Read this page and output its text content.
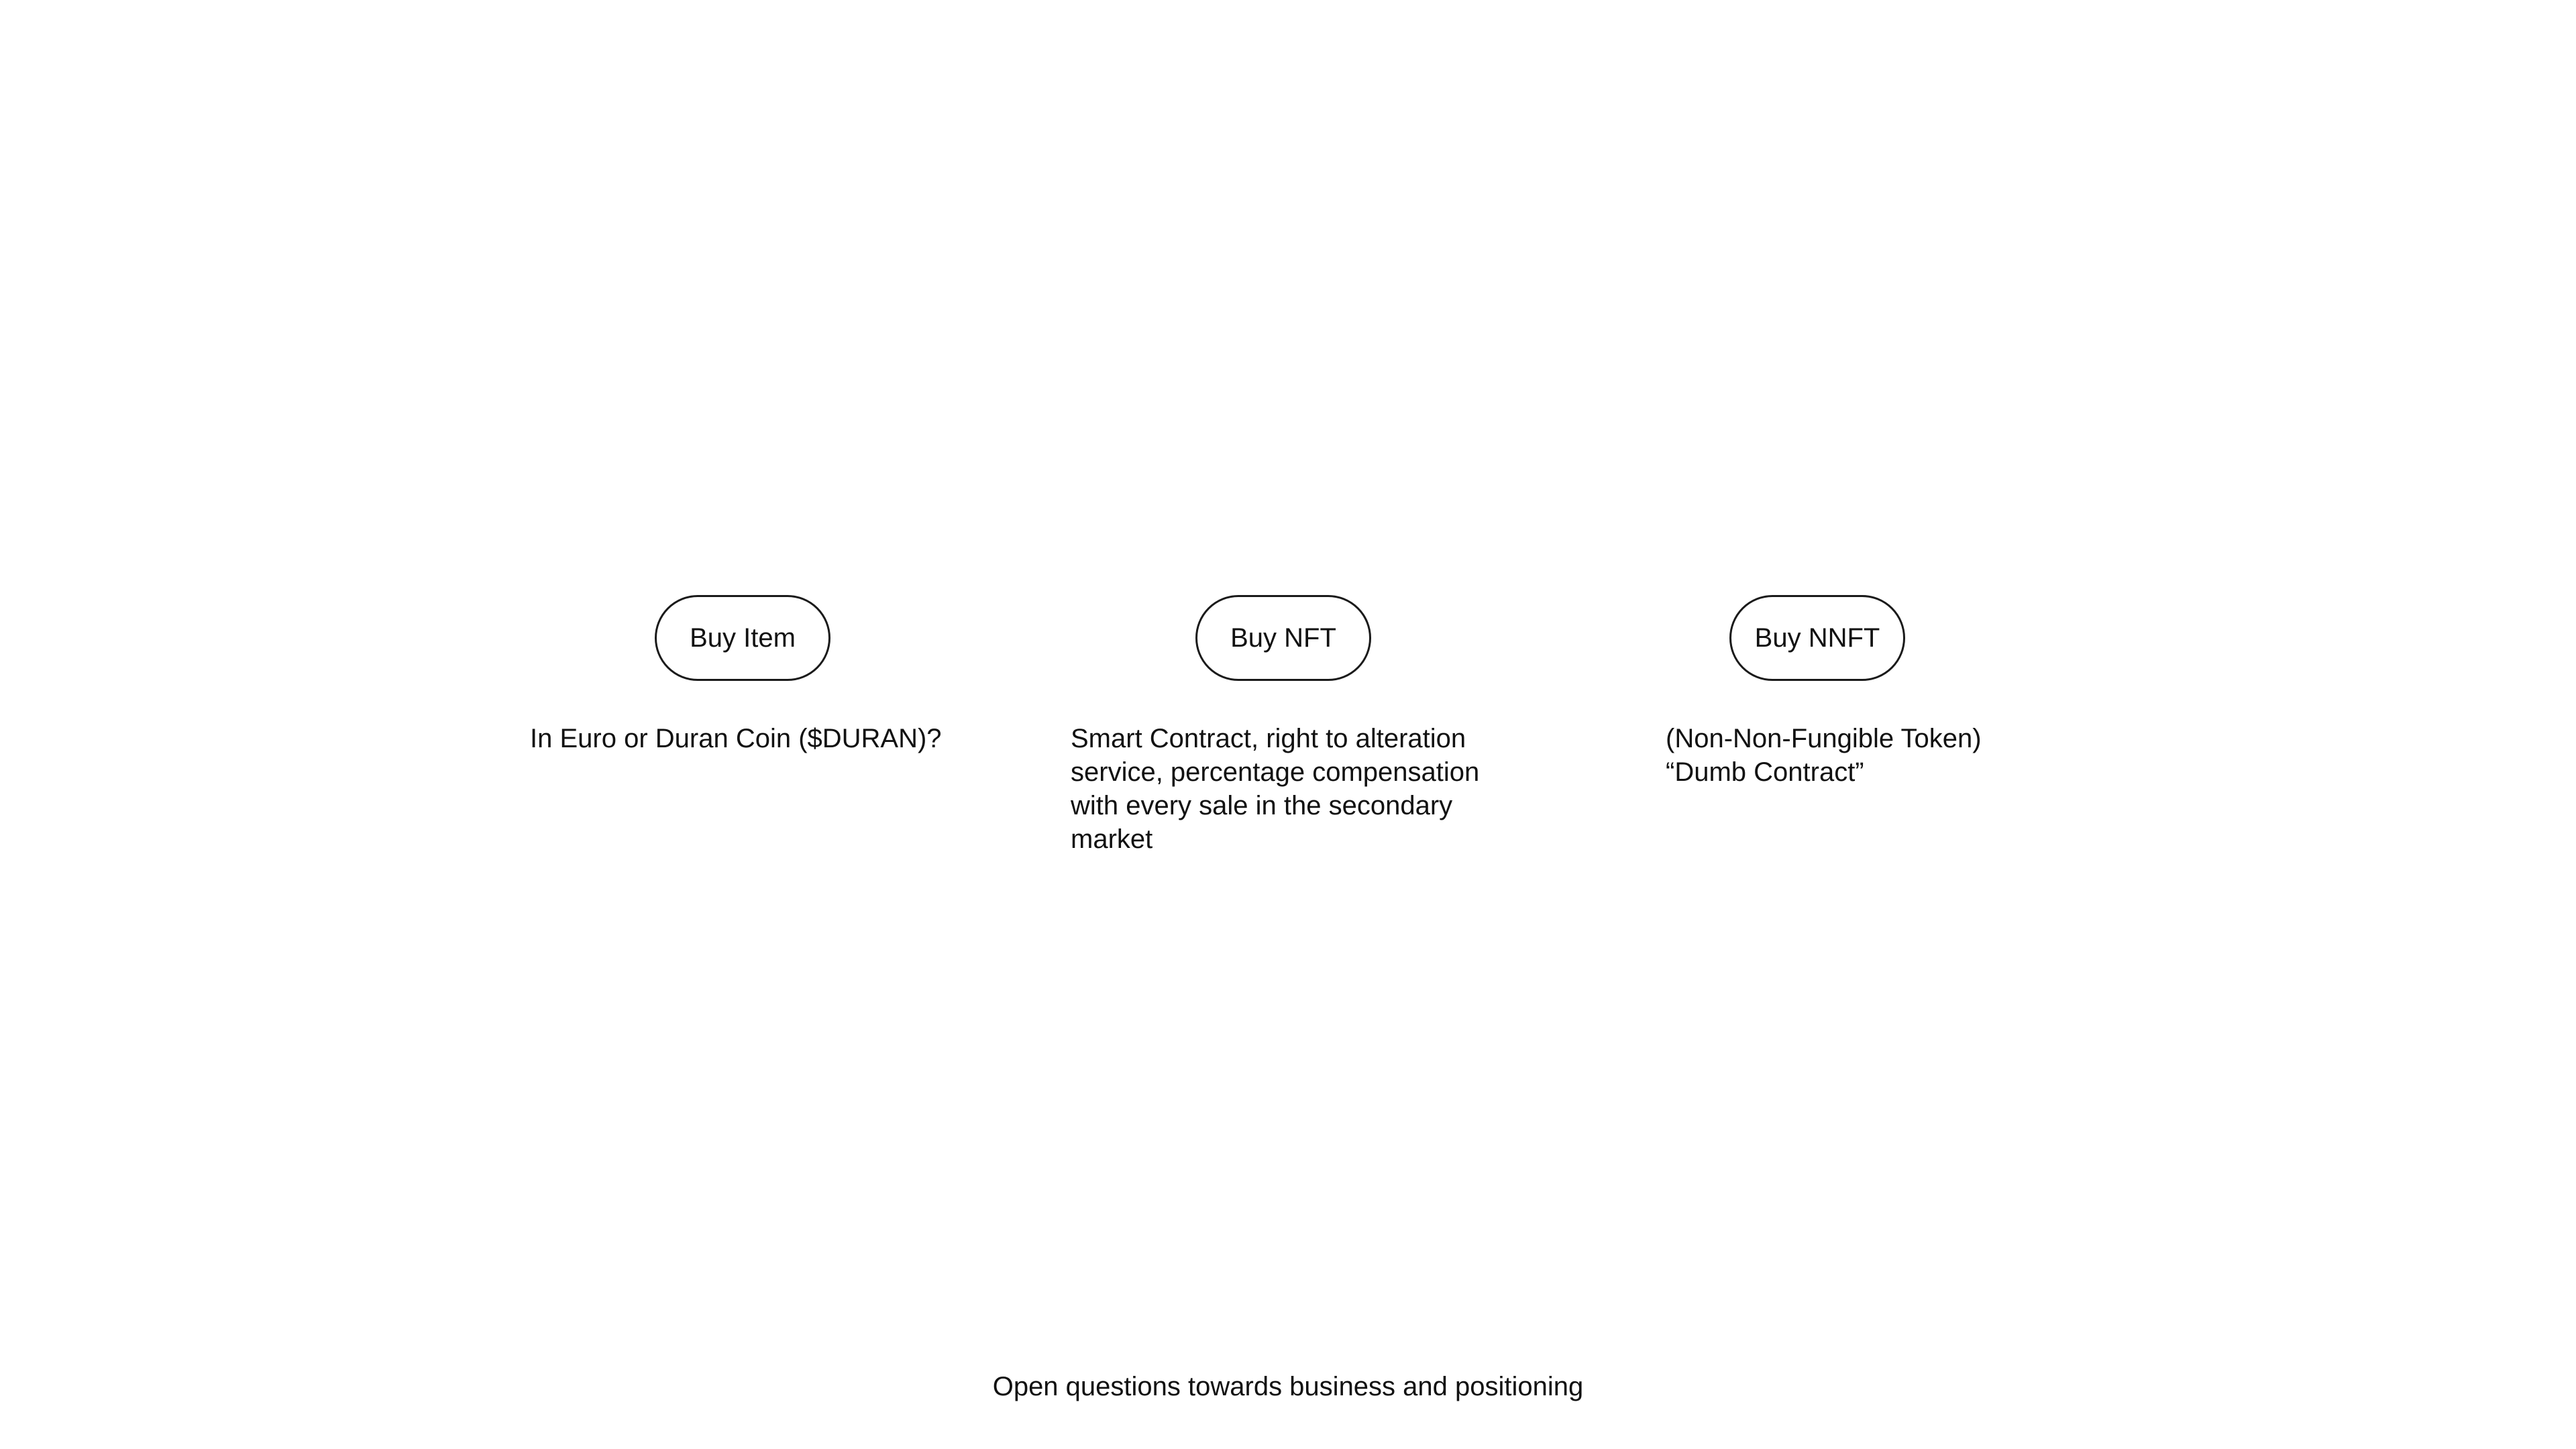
Buy Item	Buy NFT	Buy NNFT
In Euro or Duran Coin ($DURAN)?	Smart Contract, right to alteration
service, percentage compensation
with every sale in the secondary
market
(Non-Non-Fungible Token)
“Dumb Contract”
Open questions towards business and positioning
